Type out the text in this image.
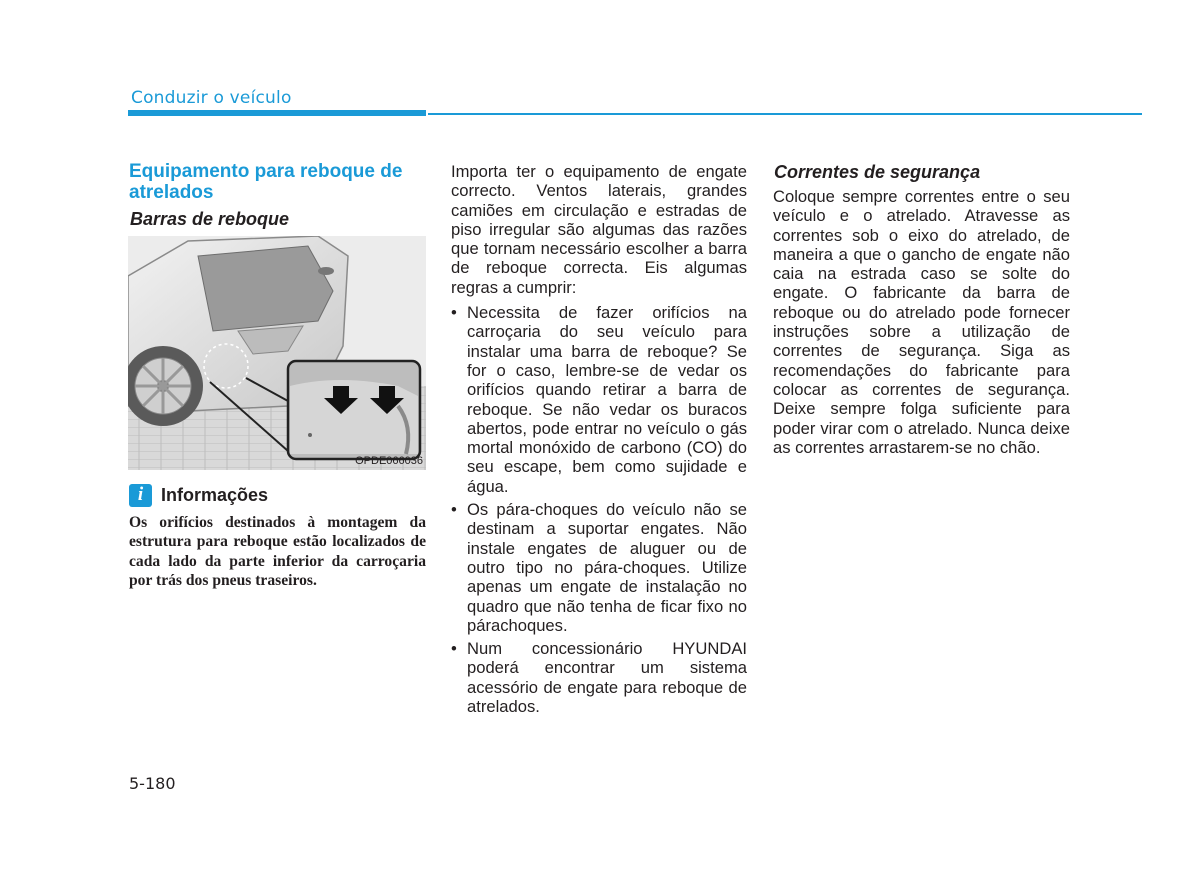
Conduzir o veículo
Equipamento para reboque de atrelados
Barras de reboque
OPDE066036
i Informações
Os orifícios destinados à montagem da estrutura para reboque estão localizados de cada lado da parte inferior da carroçaria por trás dos pneus traseiros.

Importa ter o equipamento de engate correcto. Ventos laterais, grandes camiões em circulação e estradas de piso irregular são algumas das razões que tornam necessário escolher a barra de reboque correcta. Eis algumas regras a cumprir:

• Necessita de fazer orifícios na carroçaria do seu veículo para instalar uma barra de reboque? Se for o caso, lembre-se de vedar os orifícios quando retirar a barra de reboque. Se não vedar os buracos abertos, pode entrar no veículo o gás mortal monóxido de carbono (CO) do seu escape, bem como sujidade e água.
• Os pára-choques do veículo não se destinam a suportar engates. Não instale engates de aluguer ou de outro tipo no pára-choques. Utilize apenas um engate de instalação no quadro que não tenha de ficar fixo no párachoques.
• Num concessionário HYUNDAI poderá encontrar um sistema acessório de engate para reboque de atrelados.
Correntes de segurança

Coloque sempre correntes entre o seu veículo e o atrelado. Atravesse as correntes sob o eixo do atrelado, de maneira a que o gancho de engate não caia na estrada caso se solte do engate. O fabricante da barra de reboque ou do atrelado pode fornecer instruções sobre a utilização de correntes de segurança. Siga as recomendações do fabricante para colocar as correntes de segurança. Deixe sempre folga suficiente para poder virar com o atrelado. Nunca deixe as correntes arrastarem-se no chão.

5-180
